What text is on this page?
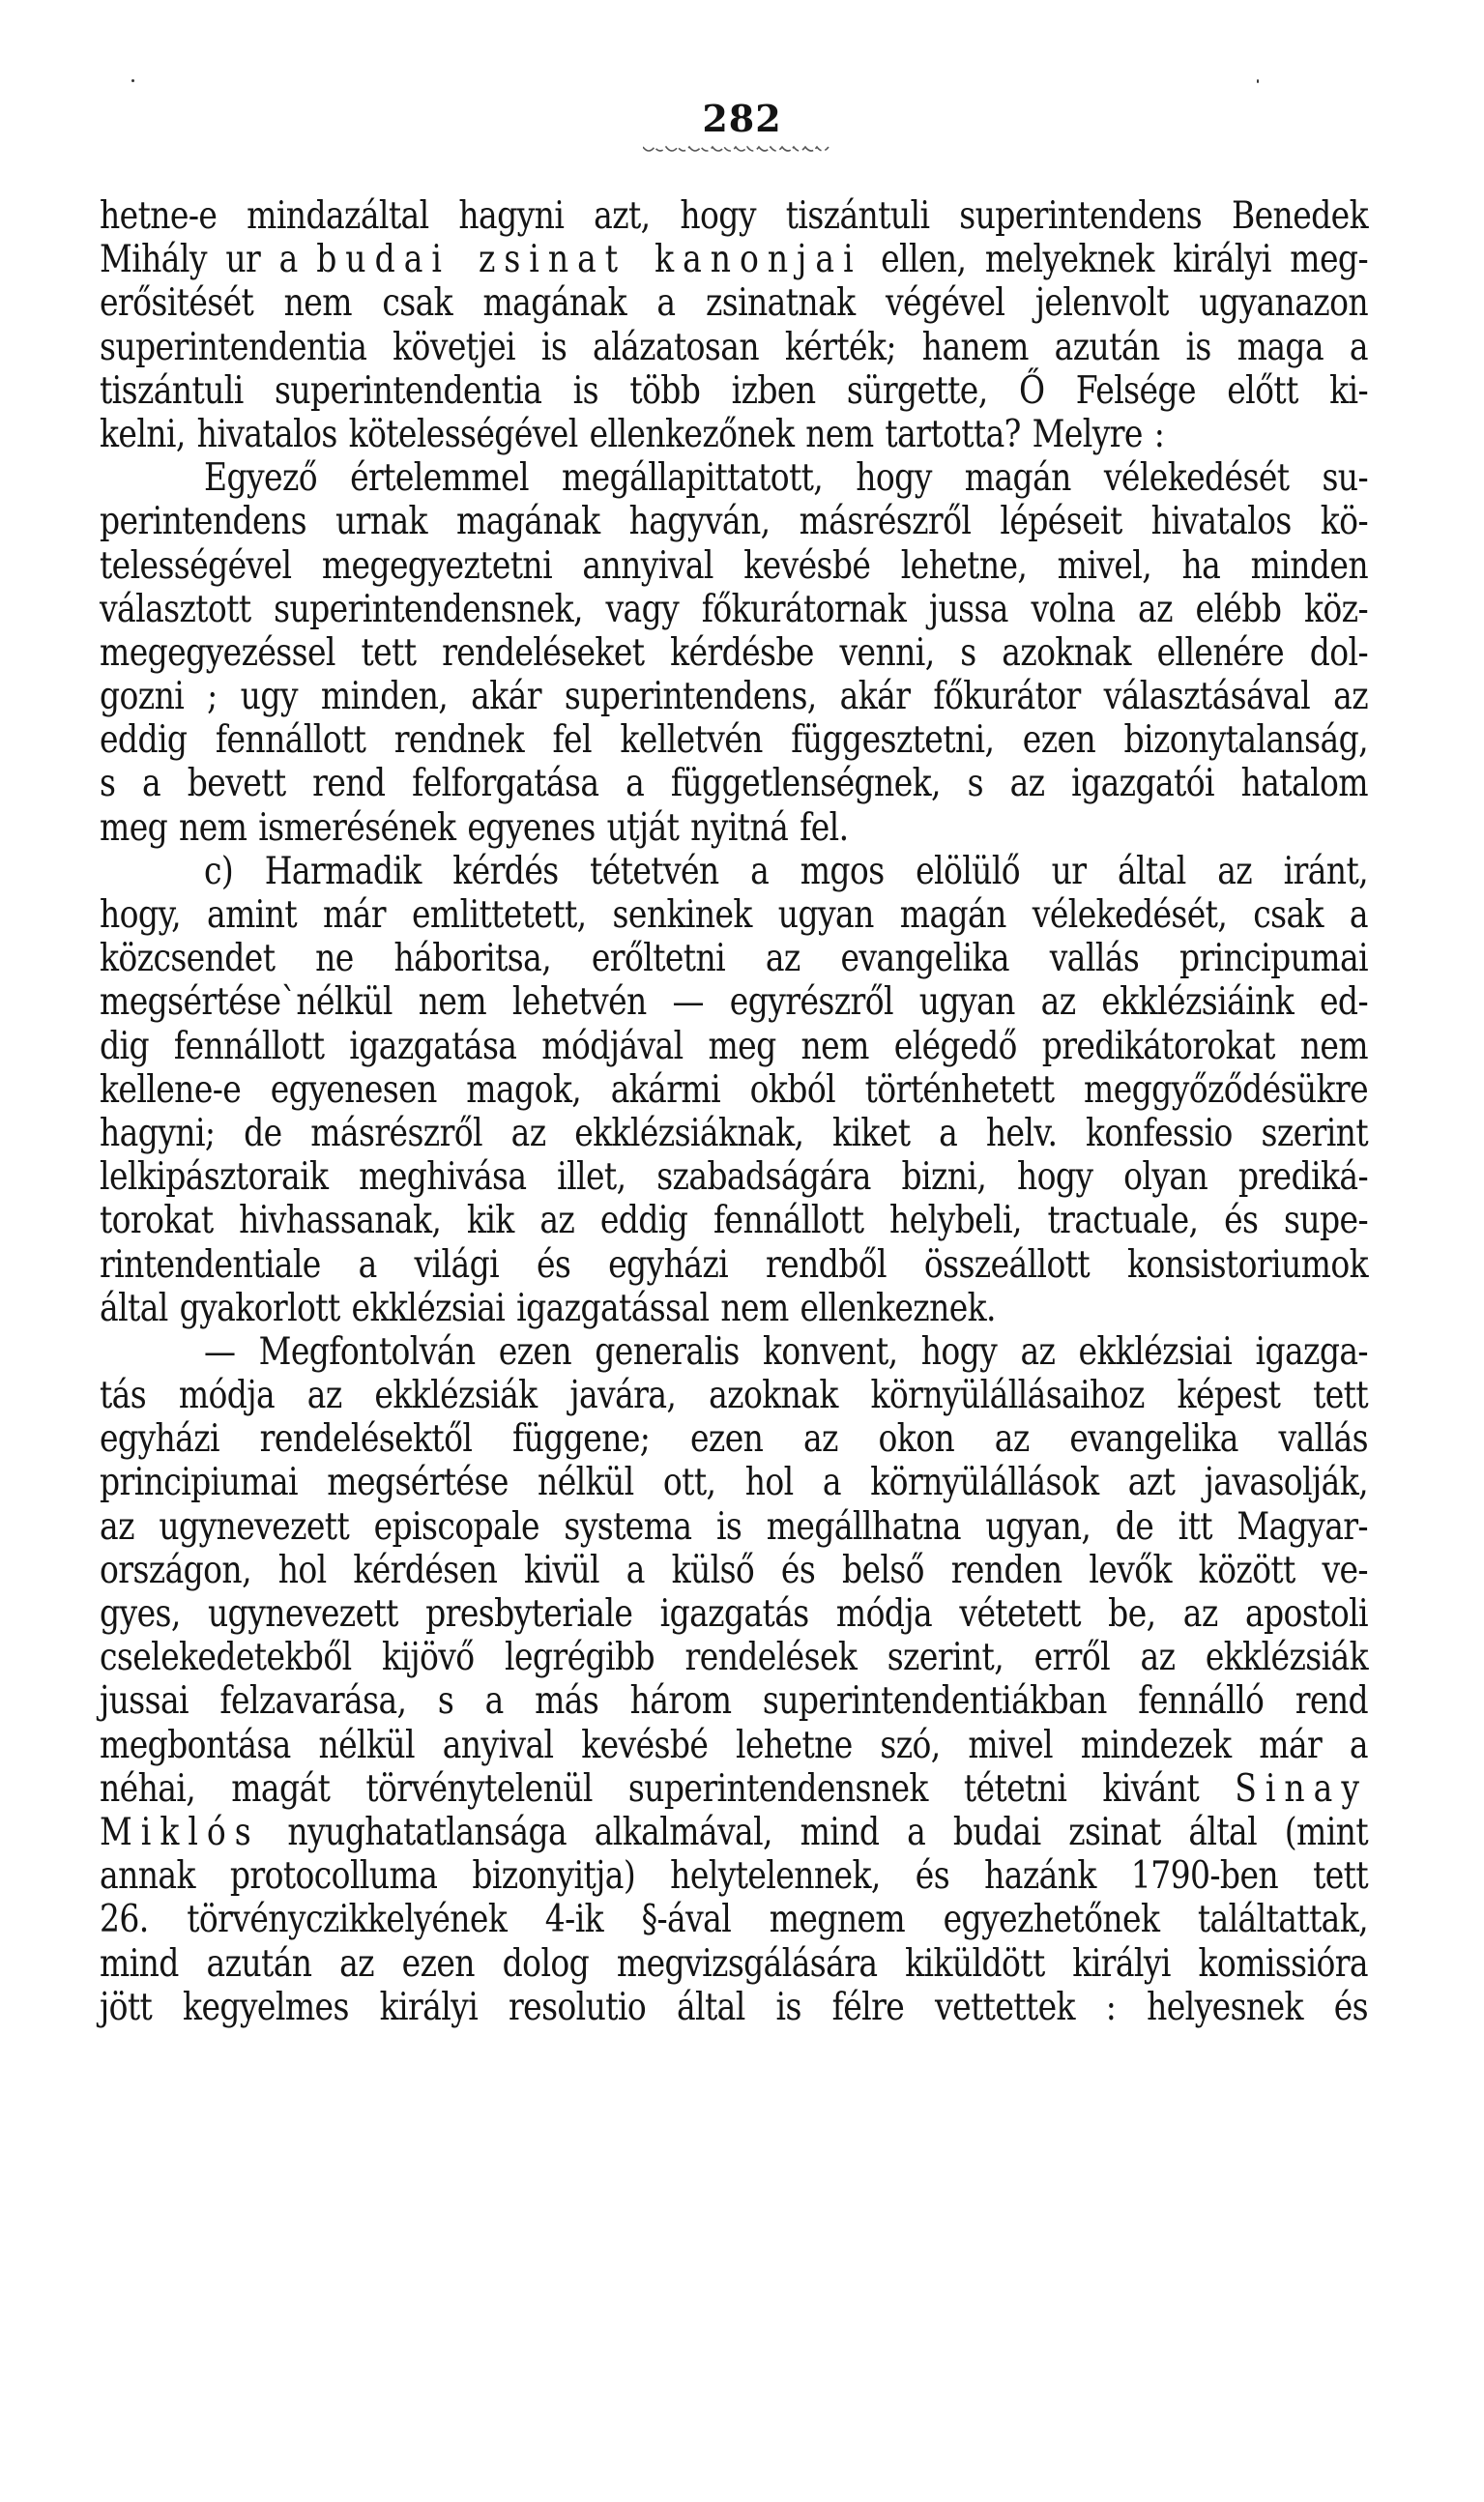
282
hetne-e mindazáltal hagyni azt, hogy tiszántuli superintendens Benedek
Mihály ur a budai zsinat kanonjai ellen, melyeknek királyi meg-
erősitését nem csak magának a zsinatnak végével jelenvolt ugyanazon
superintendentia követjei is alázatosan kérték; hanem azután is maga a
tiszántuli superintendentia is több izben sürgette, Ő Felsége előtt ki-
kelni, hivatalos kötelességével ellenkezőnek nem tartotta? Melyre :
Egyező értelemmel megállapittatott, hogy magán vélekedését su-
perintendens urnak magának hagyván, másrészről lépéseit hivatalos kö-
telességével megegyeztetni annyival kevésbé lehetne, mivel, ha minden
választott superintendensnek, vagy főkurátornak jussa volna az elébb köz-
megegyezéssel tett rendeléseket kérdésbe venni, s azoknak ellenére dol-
gozni ; ugy minden, akár superintendens, akár főkurátor választásával az
eddig fennállott rendnek fel kelletvén függesztetni, ezen bizonytalanság,
s a bevett rend felforgatása a függetlenségnek, s az igazgatói hatalom
meg nem ismerésének egyenes utját nyitná fel.
c) Harmadik kérdés tétetvén a mgos elölülő ur által az iránt,
hogy, amint már emlittetett, senkinek ugyan magán vélekedését, csak a
közcsendet ne háboritsa, erőltetni az evangelika vallás principumai
megsértése`nélkül nem lehetvén — egyrészről ugyan az ekklézsiáink ed-
dig fennállott igazgatása módjával meg nem elégedő predikátorokat nem
kellene-e egyenesen magok, akármi okból történhetett meggyőződésükre
hagyni; de másrészről az ekklézsiáknak, kiket a helv. konfessio szerint
lelkipásztoraik meghivása illet, szabadságára bizni, hogy olyan prediká-
torokat hivhassanak, kik az eddig fennállott helybeli, tractuale, és supe-
rintendentiale a világi és egyházi rendből összeállott konsistoriumok
által gyakorlott ekklézsiai igazgatással nem ellenkeznek.
— Megfontolván ezen generalis konvent, hogy az ekklézsiai igazga-
tás módja az ekklézsiák javára, azoknak környülállásaihoz képest tett
egyházi rendelésektől függene; ezen az okon az evangelika vallás
principiumai megsértése nélkül ott, hol a környülállások azt javasolják,
az ugynevezett episcopale systema is megállhatna ugyan, de itt Magyar-
országon, hol kérdésen kivül a külső és belső renden levők között ve-
gyes, ugynevezett presbyteriale igazgatás módja vétetett be, az apostoli
cselekedetekből kijövő legrégibb rendelések szerint, erről az ekklézsiák
jussai felzavarása, s a más három superintendentiákban fennálló rend
megbontása nélkül anyival kevésbé lehetne szó, mivel mindezek már a
néhai, magát törvénytelenül superintendensnek tétetni kivánt Sinay
Miklós nyughatatlansága alkalmával, mind a budai zsinat által (mint
annak protocolluma bizonyitja) helytelennek, és hazánk 1790-ben tett
26. törvényczikkelyének 4-ik §-ával megnem egyezhetőnek találtattak,
mind azután az ezen dolog megvizsgálására kiküldött királyi komissióra
jött kegyelmes királyi resolutio által is félre vettettek : helyesnek és
